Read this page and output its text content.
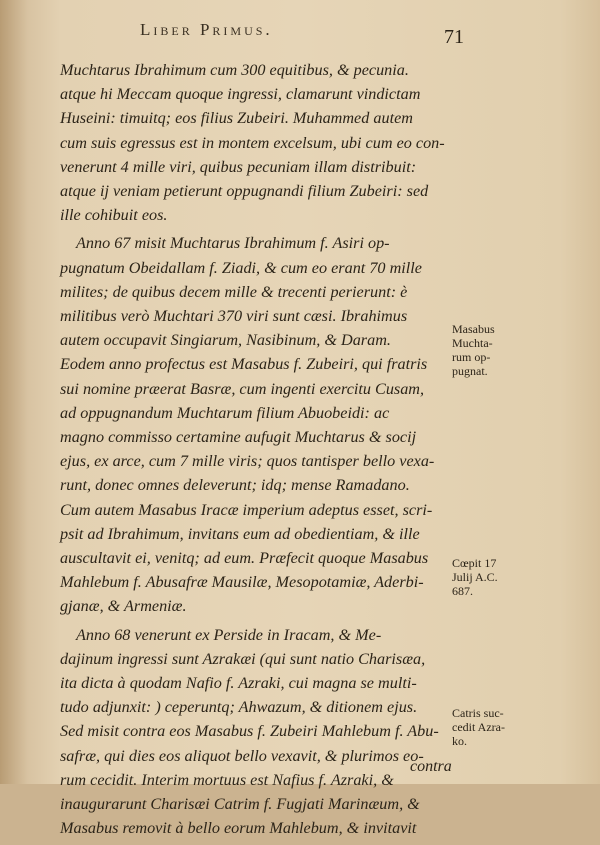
Liber Primus.	71
Muchtarus Ibrahimum cum 300 equitibus, & pecunia.
atque hi Meccam quoque ingressi, clamarunt vindictam
Huseini: timuitq; eos filius Zubeiri. Muhammed autem
cum suis egressus est in montem excelsum, ubi cum eo con-
venerunt 4 mille viri, quibus pecuniam illam distribuit:
atque ij veniam petierunt oppugnandi filium Zubeiri: sed
ille cohibuit eos.
Anno 67 misit Muchtarus Ibrahimum f. Asiri op-
pugnatum Obeidallam f. Ziadi, & cum eo erant 70 mille
milites; de quibus decem mille & trecenti perierunt: è
militibus verò Muchtari 370 viri sunt cæsi. Ibrahimus
autem occupavit Singiarum, Nasibinum, & Daram.
Eodem anno profectus est Masabus f. Zubeiri, qui fratris
sui nomine præerat Basræ, cum ingenti exercitu Cusam,
ad oppugnandum Muchtarum filium Abuobeidi: ac
magno commisso certamine aufugit Muchtarus & socij
ejus, ex arce, cum 7 mille viris; quos tantisper bello vexa-
runt, donec omnes deleverunt; idq; mense Ramadano.
Cum autem Masabus Iracæ imperium adeptus esset, scri-
psit ad Ibrahimum, invitans eum ad obedientiam, & ille
auscultavit ei, venitq; ad eum. Præfecit quoque Masabus
Mahlebum f. Abusafræ Mausilæ, Mesopotamiæ, Aderbi-
gjanæ, & Armeniæ.
Anno 68 venerunt ex Perside in Iracam, & Me-
dajinum ingressi sunt Azrakæi (qui sunt natio Charisæa,
ita dicta à quodam Nafio f. Azraki, cui magna se multi-
tudo adjunxit: ) ceperuntq; Ahwazum, & ditionem ejus.
Sed misit contra eos Masabus f. Zubeiri Mahlebum f. Abu-
safræ, qui dies eos aliquot bello vexavit, & plurimos eo-
rum cecidit. Interim mortuus est Nafius f. Azraki, &
inaugurarunt Charisæi Catrim f. Fugjati Marinæum, &
Masabus removit à bello eorum Mahlebum, & invitavit
Masabus
Muchta-
rum op-
pugnat.
Cœpit 17
Julij A.C.
687.
Catris suc-
cedit Azra-
ko.
contra
